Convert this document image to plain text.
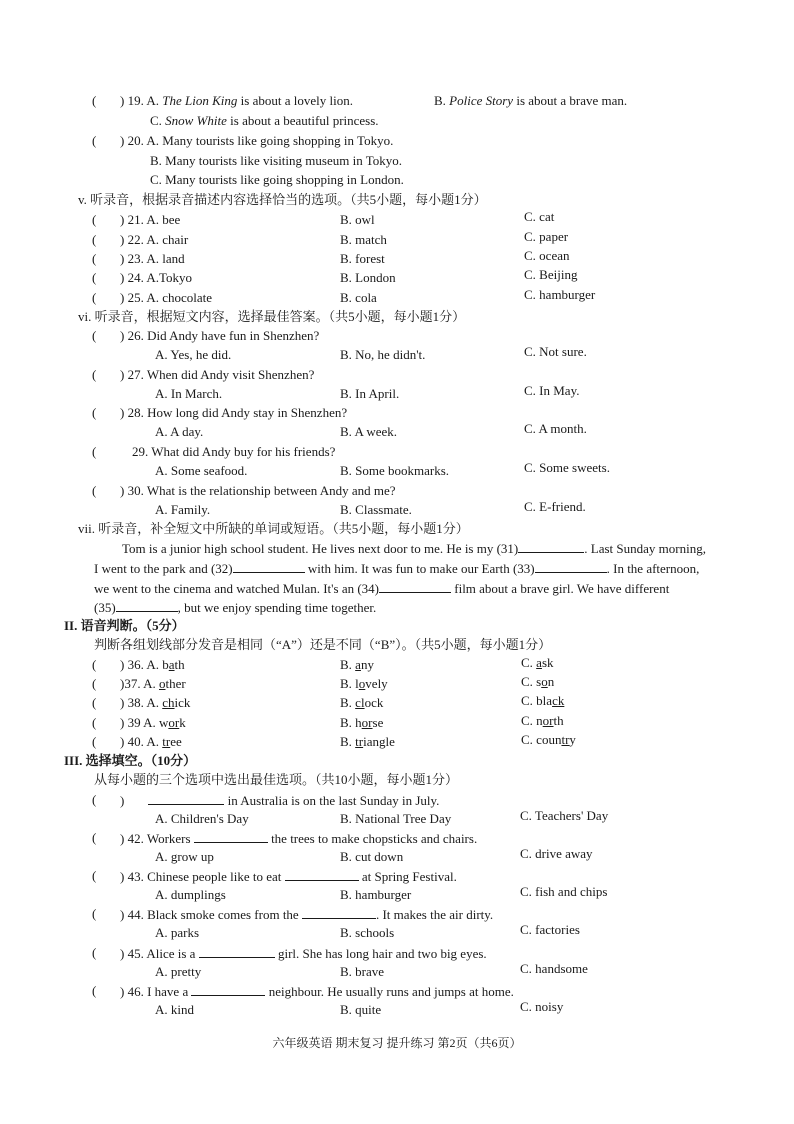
( ) 19. A. The Lion King is about a lovely lion.	B. Police Story is about a brave man.
C. Snow White is about a beautiful princess.
( ) 20. A. Many tourists like going shopping in Tokyo.
B. Many tourists like visiting museum in Tokyo.
C. Many tourists like going shopping in London.
v. 听录音，根据录音描述内容选择恰当的选项。（共5小题，每小题1分）
( ) 21. A. bee	B. owl	C. cat
( ) 22. A. chair	B. match	C. paper
( ) 23. A. land	B. forest	C. ocean
( ) 24. A.Tokyo	B. London	C. Beijing
( ) 25. A. chocolate	B. cola	C. hamburger
vi. 听录音，根据短文内容，选择最佳答案。（共5小题，每小题1分）
( ) 26. Did Andy have fun in Shenzhen?
A. Yes, he did.	B. No, he didn't.	C. Not sure.
( ) 27. When did Andy visit Shenzhen?
A. In March.	B. In April.	C. In May.
( ) 28. How long did Andy stay in Shenzhen?
A. A day.	B. A week.	C. A month.
(	29. What did Andy buy for his friends?
A. Some seafood.	B. Some bookmarks.	C. Some sweets.
( ) 30. What is the relationship between Andy and me?
A. Family.	B. Classmate.	C. E-friend.
vii. 听录音，补全短文中所缺的单词或短语。（共5小题，每小题1分）
Tom is a junior high school student. He lives next door to me. He is my (31)	. Last Sunday morning,
I went to the park and (32)	with him. It was fun to make our Earth (33)	. In the afternoon,
we went to the cinema and watched Mulan. It's an (34)	film about a brave girl. We have different
(35)	, but we enjoy spending time together.
II. 语音判断。（5分）
判断各组划线部分发音是相同（“A”）还是不同（“B”）。（共5小题，每小题1分）
( ) 36. A. bath	B. any	C. ask
( )37. A. other	B. lovely	C. son
( ) 38. A. chick	B. clock	C. black
( ) 39 A. work	B. horse	C. north
( ) 40. A. tree	B. triangle	C. country
III. 选择填空。（10分）
从每小题的三个选项中选出最佳选项。（共10小题，每小题1分）
( )	in Australia is on the last Sunday in July.
A. Children's Day	B. National Tree Day	C. Teachers' Day
( ) 42. Workers	the trees to make chopsticks and chairs.
A. grow up	B. cut down	C. drive away
( ) 43. Chinese people like to eat	at Spring Festival.
A. dumplings	B. hamburger	C. fish and chips
( ) 44. Black smoke comes from the	. It makes the air dirty.
A. parks	B. schools	C. factories
( ) 45. Alice is a	girl. She has long hair and two big eyes.
A. pretty	B. brave	C. handsome
( ) 46. I have a	neighbour. He usually runs and jumps at home.
A. kind	B. quite	C. noisy
六年级英语 期末复习 提升练习 第2页（共6页）
